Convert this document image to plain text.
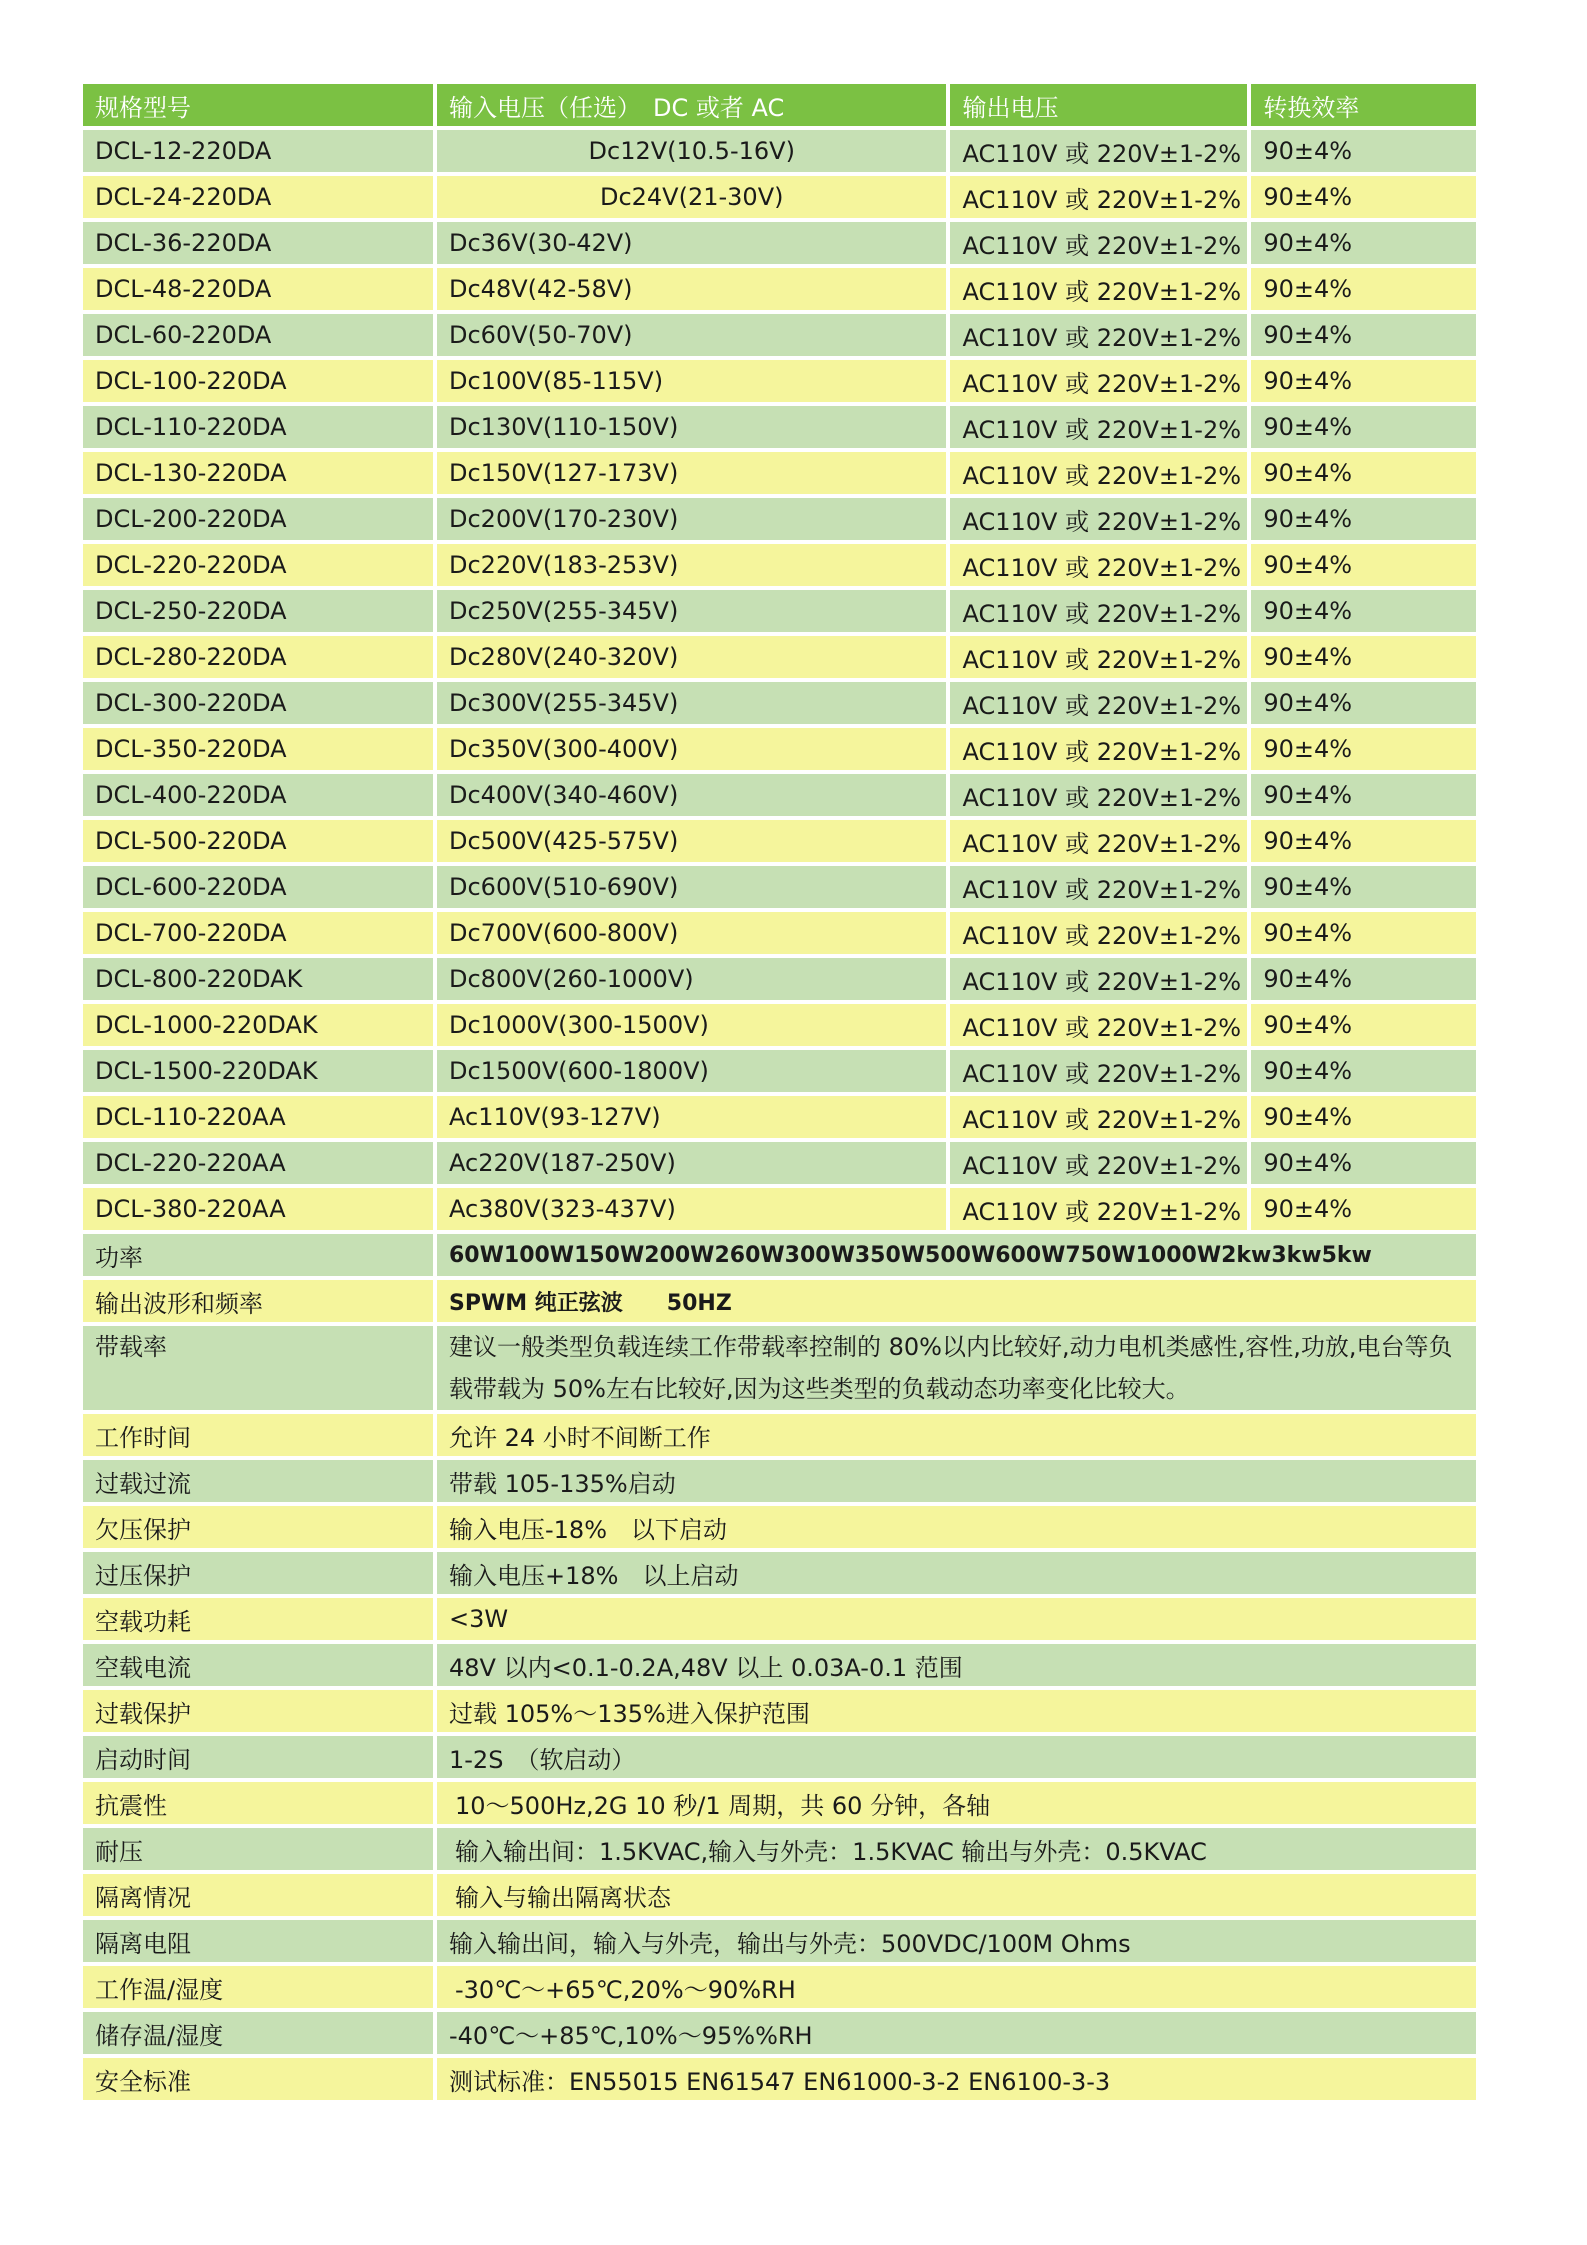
规格型号	输入电压（任选）　DC 或者 AC	输出电压	转换效率
DCL-12-220DA	Dc12V(10.5-16V)	AC110V 或 220V±1-2%	90±4%
DCL-24-220DA	Dc24V(21-30V)	AC110V 或 220V±1-2%	90±4%
DCL-36-220DA	Dc36V(30-42V)	AC110V 或 220V±1-2%	90±4%
DCL-48-220DA	Dc48V(42-58V)	AC110V 或 220V±1-2%	90±4%
DCL-60-220DA	Dc60V(50-70V)	AC110V 或 220V±1-2%	90±4%
DCL-100-220DA	Dc100V(85-115V)	AC110V 或 220V±1-2%	90±4%
DCL-110-220DA	Dc130V(110-150V)	AC110V 或 220V±1-2%	90±4%
DCL-130-220DA	Dc150V(127-173V)	AC110V 或 220V±1-2%	90±4%
DCL-200-220DA	Dc200V(170-230V)	AC110V 或 220V±1-2%	90±4%
DCL-220-220DA	Dc220V(183-253V)	AC110V 或 220V±1-2%	90±4%
DCL-250-220DA	Dc250V(255-345V)	AC110V 或 220V±1-2%	90±4%
DCL-280-220DA	Dc280V(240-320V)	AC110V 或 220V±1-2%	90±4%
DCL-300-220DA	Dc300V(255-345V)	AC110V 或 220V±1-2%	90±4%
DCL-350-220DA	Dc350V(300-400V)	AC110V 或 220V±1-2%	90±4%
DCL-400-220DA	Dc400V(340-460V)	AC110V 或 220V±1-2%	90±4%
DCL-500-220DA	Dc500V(425-575V)	AC110V 或 220V±1-2%	90±4%
DCL-600-220DA	Dc600V(510-690V)	AC110V 或 220V±1-2%	90±4%
DCL-700-220DA	Dc700V(600-800V)	AC110V 或 220V±1-2%	90±4%
DCL-800-220DAK	Dc800V(260-1000V)	AC110V 或 220V±1-2%	90±4%
DCL-1000-220DAK	Dc1000V(300-1500V)	AC110V 或 220V±1-2%	90±4%
DCL-1500-220DAK	Dc1500V(600-1800V)	AC110V 或 220V±1-2%	90±4%
DCL-110-220AA	Ac110V(93-127V)	AC110V 或 220V±1-2%	90±4%
DCL-220-220AA	Ac220V(187-250V)	AC110V 或 220V±1-2%	90±4%
DCL-380-220AA	Ac380V(323-437V)	AC110V 或 220V±1-2%	90±4%
功率	60W100W150W200W260W300W350W500W600W750W1000W2kw3kw5kw		
输出波形和频率	SPWM 纯正弦波　　50HZ		
带载率	建议一般类型负载连续工作带载率控制的 80%以内比较好,动力电机类感性,容性,功放,电台等负载带载为 50%左右比较好,因为这些类型的负载动态功率变化比较大。		
工作时间	允许 24 小时不间断工作		
过载过流	带载 105-135%启动		
欠压保护	输入电压-18%　以下启动		
过压保护	输入电压+18%　以上启动		
空载功耗	<3W		
空载电流	48V 以内<0.1-0.2A,48V 以上 0.03A-0.1 范围		
过载保护	过载 105%～135%进入保护范围		
启动时间	1-2S　（软启动）		
抗震性	10～500Hz,2G 10 秒/1 周期，共 60 分钟，各轴		
耐压	输入输出间：1.5KVAC,输入与外壳：1.5KVAC 输出与外壳：0.5KVAC		
隔离情况	输入与输出隔离状态		
隔离电阻	输入输出间，输入与外壳，输出与外壳：500VDC/100M Ohms		
工作温/湿度	-30℃～+65℃,20%～90%RH		
储存温/湿度	-40℃～+85℃,10%～95%%RH		
安全标准	测试标准：EN55015 EN61547 EN61000-3-2 EN6100-3-3		
